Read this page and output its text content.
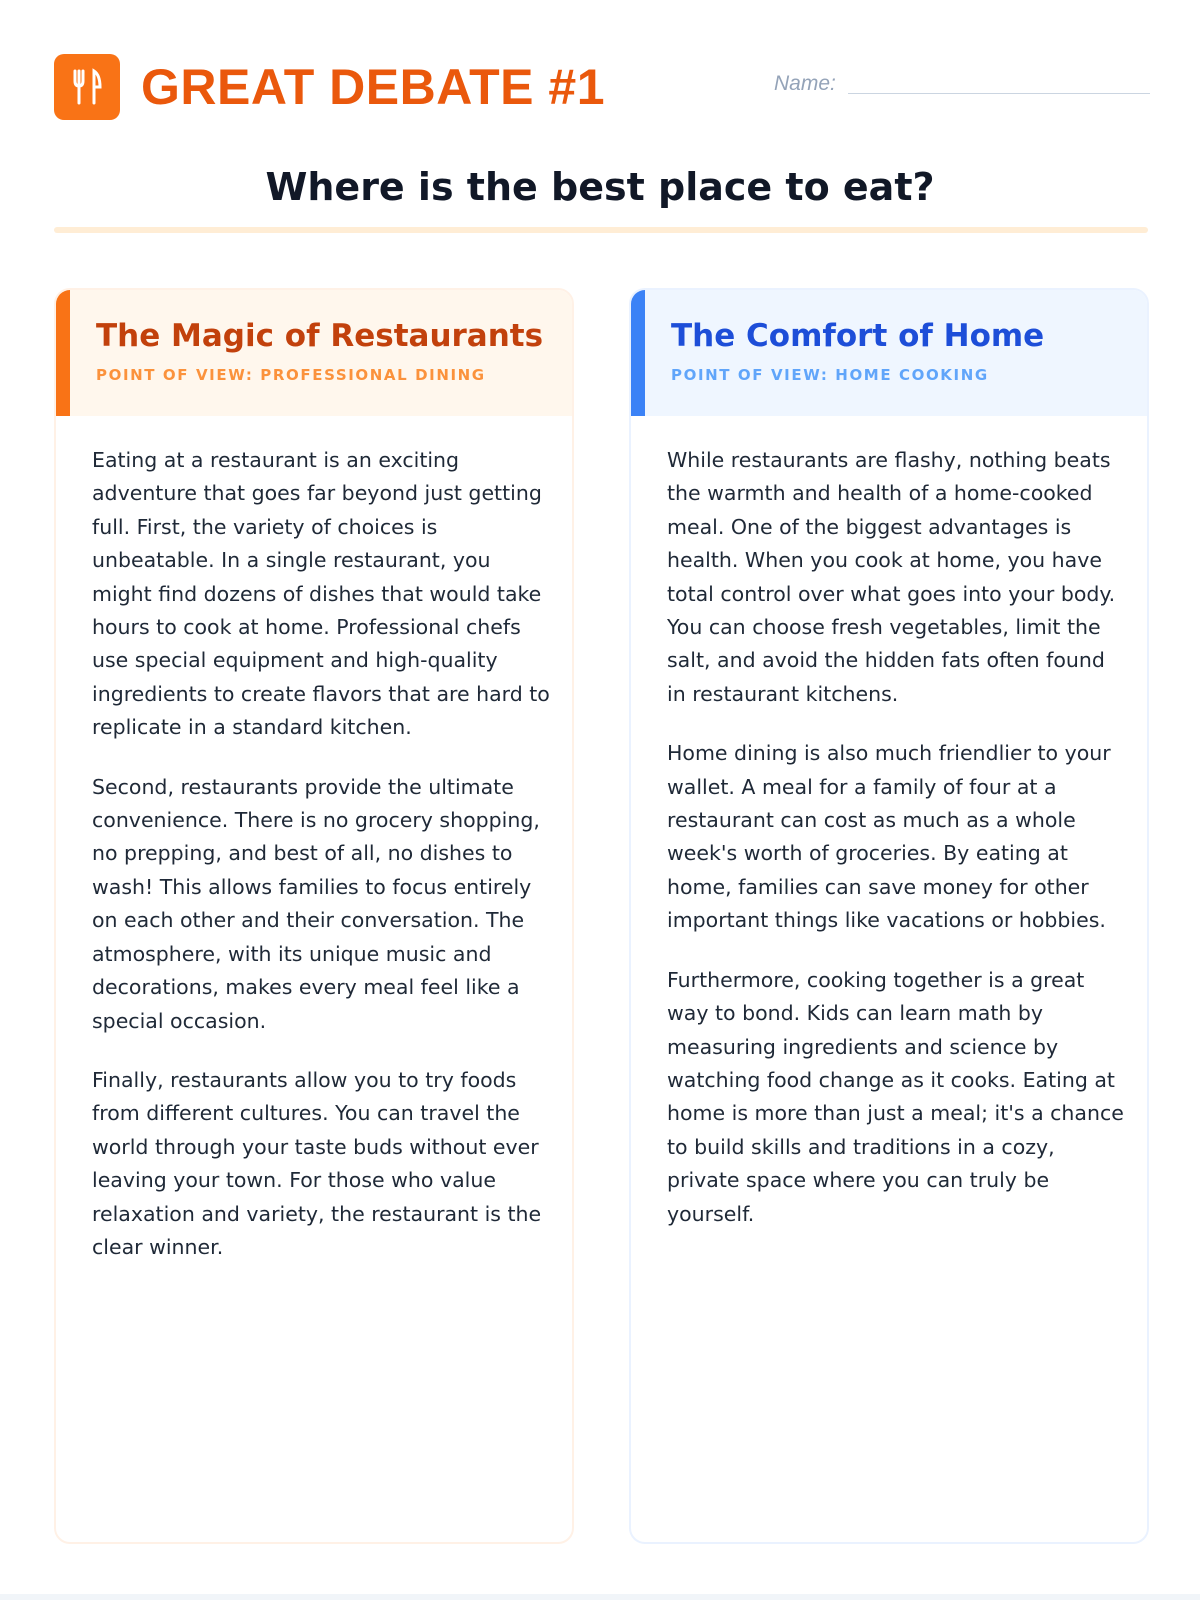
GREAT DEBATE #1	Name:
Where is the best place to eat?
The Magic of Restaurants
POINT OF VIEW: PROFESSIONAL DINING

Eating at a restaurant is an exciting adventure that goes far beyond just getting full. First, the variety of choices is unbeatable. In a single restaurant, you might find dozens of dishes that would take hours to cook at home. Professional chefs use special equipment and high-quality ingredients to create flavors that are hard to replicate in a standard kitchen.

Second, restaurants provide the ultimate convenience. There is no grocery shopping, no prepping, and best of all, no dishes to wash! This allows families to focus entirely on each other and their conversation. The atmosphere, with its unique music and decorations, makes every meal feel like a special occasion.

Finally, restaurants allow you to try foods from different cultures. You can travel the world through your taste buds without ever leaving your town. For those who value relaxation and variety, the restaurant is the clear winner.

The Comfort of Home
POINT OF VIEW: HOME COOKING

While restaurants are flashy, nothing beats the warmth and health of a home-cooked meal. One of the biggest advantages is health. When you cook at home, you have total control over what goes into your body. You can choose fresh vegetables, limit the salt, and avoid the hidden fats often found in restaurant kitchens.

Home dining is also much friendlier to your wallet. A meal for a family of four at a restaurant can cost as much as a whole week's worth of groceries. By eating at home, families can save money for other important things like vacations or hobbies.

Furthermore, cooking together is a great way to bond. Kids can learn math by measuring ingredients and science by watching food change as it cooks. Eating at home is more than just a meal; it's a chance to build skills and traditions in a cozy, private space where you can truly be yourself.
